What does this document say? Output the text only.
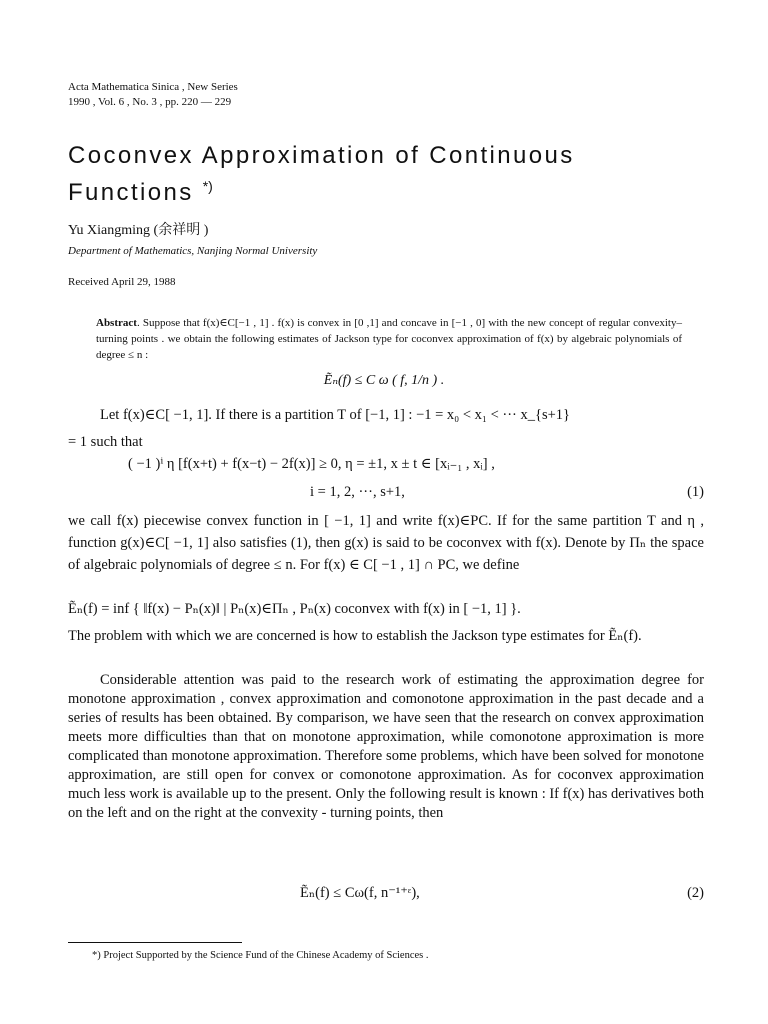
Acta Mathematica Sinica , New Series
1990 , Vol. 6 , No. 3 , pp. 220 — 229
Coconvex Approximation of Continuous
Functions *)
Yu Xiangming (余祥明 )
Department of Mathematics, Nanjing Normal University
Received April 29, 1988
Abstract. Suppose that f(x)∈C[−1 , 1] . f(x) is convex in [0 ,1] and concave in [−1 , 0] with the new concept of regular convexity–turning points . we obtain the following estimates of Jackson type for coconvex approximation of f(x) by algebraic polynomials of degree ≤ n :
Ẽₙ(f) ≤ C ω ( f, 1/n ) .
Let f(x)∈C[ −1, 1]. If there is a partition T of [−1, 1] : −1 = x₀ < x₁ < ··· x_{s+1}
= 1 such that
( −1 )ⁱ η [f(x+t) + f(x−t) − 2f(x)] ≥ 0, η = ±1, x ± t ∈ [xᵢ₋₁ , xᵢ] ,
i = 1, 2, ···, s+1,	(1)
we call f(x) piecewise convex function in [ −1, 1] and write f(x)∈PC. If for the same partition T and η , function g(x)∈C[ −1, 1] also satisfies (1), then g(x) is said to be coconvex with f(x). Denote by Πₙ the space of algebraic polynomials of degree ≤ n. For f(x) ∈ C[ −1 , 1] ∩ PC, we define
Ẽₙ(f) = inf { ‖f(x) − Pₙ(x)‖ | Pₙ(x)∈Πₙ , Pₙ(x) coconvex with f(x) in [ −1, 1] }.
The problem with which we are concerned is how to establish the Jackson type estimates for Ẽₙ(f).
Considerable attention was paid to the research work of estimating the approximation degree for monotone approximation , convex approximation and comonotone approximation in the past decade and a series of results has been obtained. By comparison, we have seen that the research on convex approximation meets more difficulties than that on monotone approximation, while comonotone approximation is more complicated than monotone approximation. Therefore some problems, which have been solved for monotone approximation, are still open for convex or comonotone approximation. As for coconvex approximation much less work is available up to the present. Only the following result is known : If f(x) has derivatives both on the left and on the right at the convexity - turning points, then
Ẽₙ(f) ≤ Cω(f, n⁻¹⁺ᵋ),	(2)
*) Project Supported by the Science Fund of the Chinese Academy of Sciences .
